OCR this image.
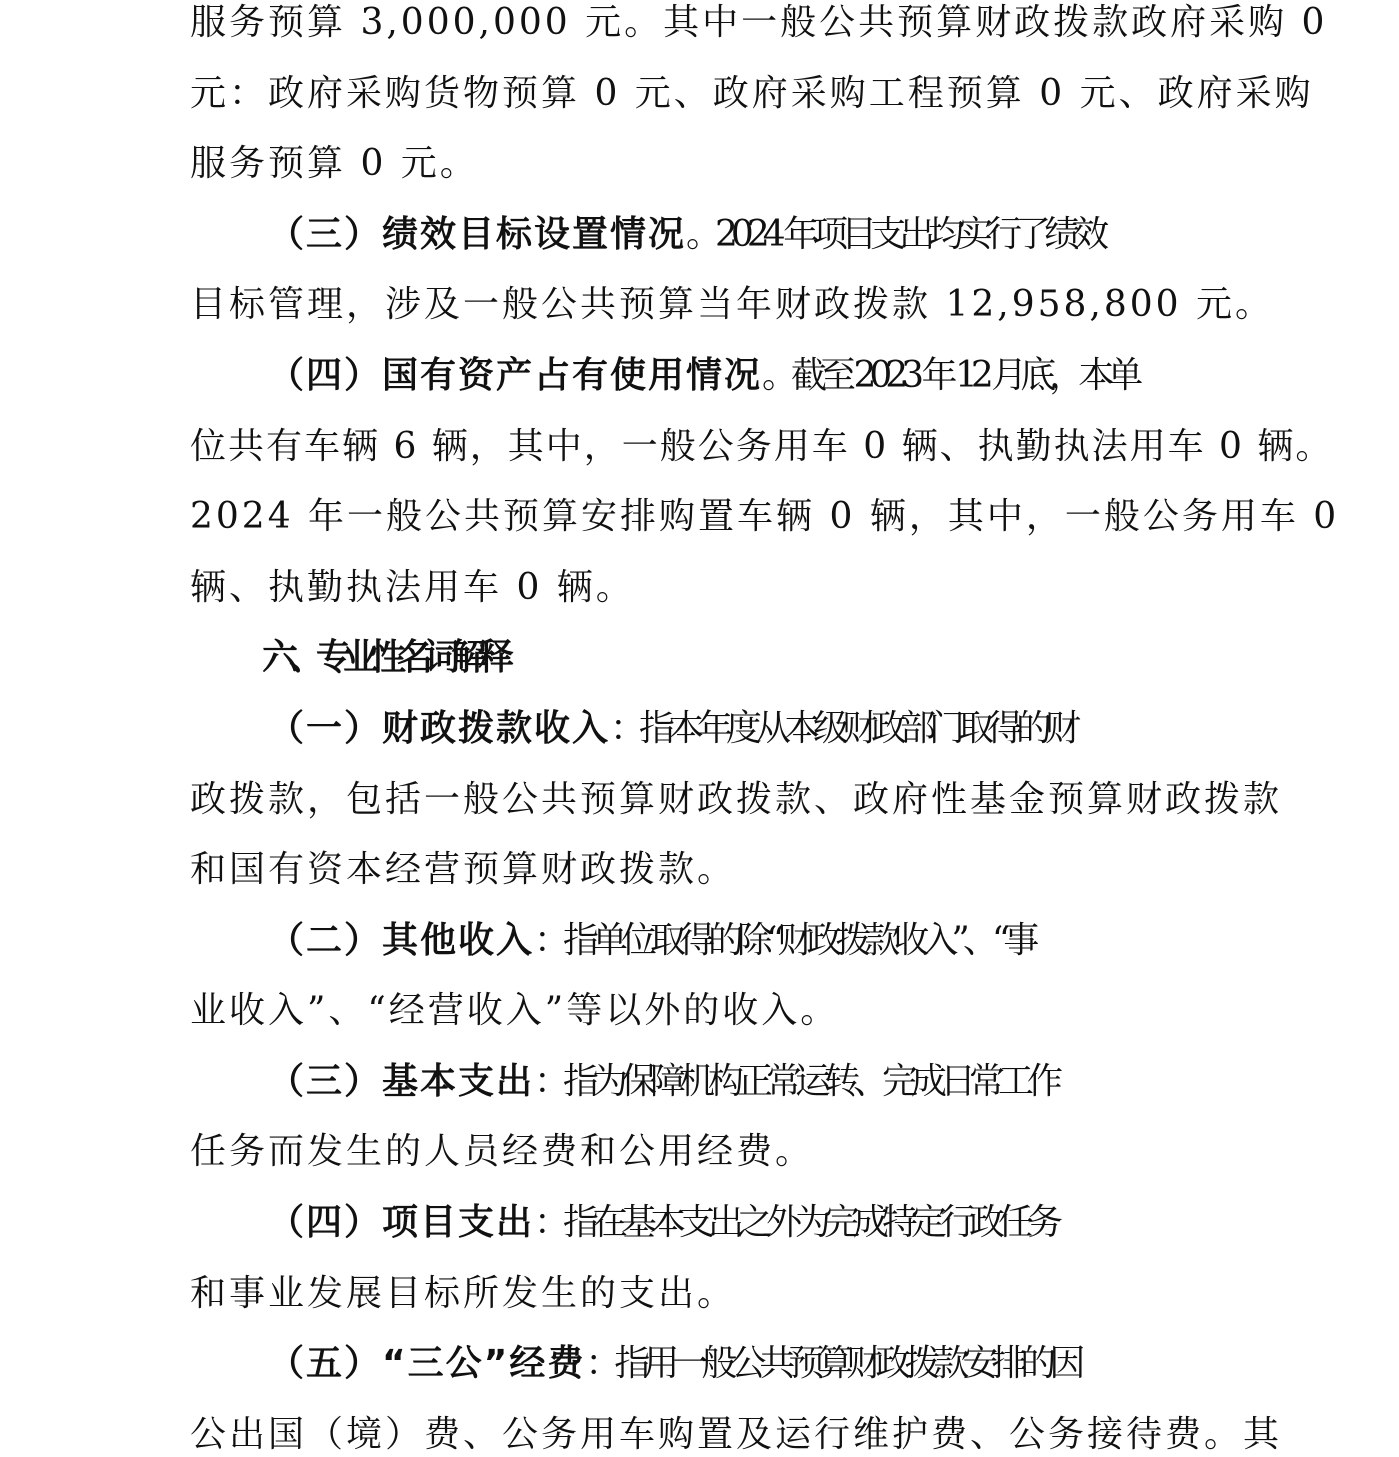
服务预算 3,000,000 元。其中一般公共预算财政拨款政府采购 0
元：政府采购货物预算 0 元、政府采购工程预算 0 元、政府采购
服务预算 0 元。
（三）绩效目标设置情况。2024 年项目支出均实行了绩效
目标管理，涉及一般公共预算当年财政拨款 12,958,800 元。
（四）国有资产占有使用情况。截至 2023 年 12 月底，本单
位共有车辆 6 辆，其中，一般公务用车 0 辆、执勤执法用车 0 辆。
2024 年一般公共预算安排购置车辆 0 辆，其中，一般公务用车 0
辆、执勤执法用车 0 辆。
六、专业性名词解释
（一）财政拨款收入：指本年度从本级财政部门取得的财
政拨款，包括一般公共预算财政拨款、政府性基金预算财政拨款
和国有资本经营预算财政拨款。
（二）其他收入：指单位取得的除“财政拨款收入”、“事
业收入”、“经营收入”等以外的收入。
（三）基本支出：指为保障机构正常运转、完成日常工作
任务而发生的人员经费和公用经费。
（四）项目支出：指在基本支出之外为完成特定行政任务
和事业发展目标所发生的支出。
（五）“三公”经费：指用一般公共预算财政拨款安排的因
公出国（境）费、公务用车购置及运行维护费、公务接待费。其
